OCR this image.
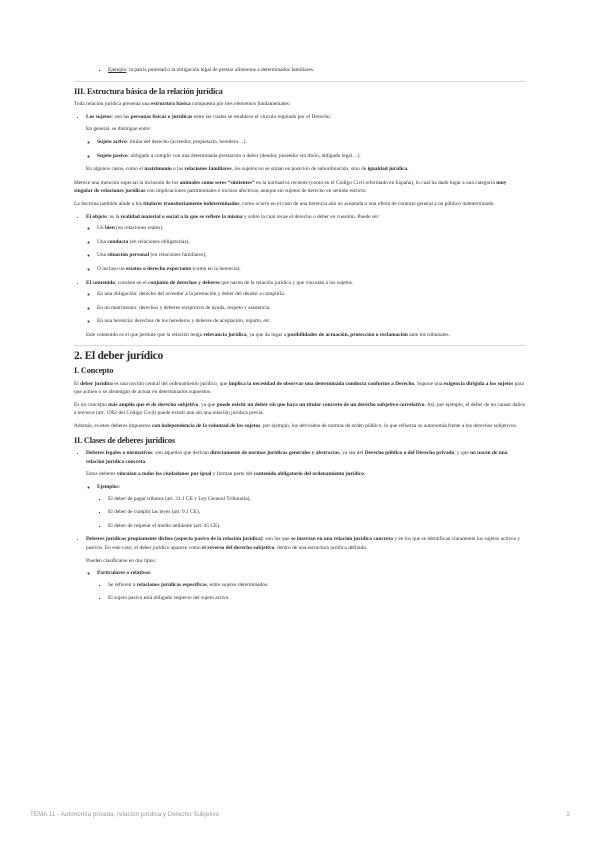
▪ Ejemplo: la patria potestad o la obligación legal de prestar alimentos a determinados familiares.
III. Estructura básica de la relación jurídica

Toda relación jurídica presenta una estructura básica compuesta por tres elementos fundamentales:

• Los sujetos: son las personas físicas o jurídicas entre las cuales se establece el vínculo regulado por el Derecho.

En general, se distingue entre:

◦ Sujeto activo: titular del derecho (acreedor, propietario, heredero…).
◦ Sujeto pasivo: obligado a cumplir con una determinada prestación o deber (deudor, poseedor sin título, obligado legal…).

En algunos casos, como el matrimonio o las relaciones familiares, los sujetos no se sitúan en posición de subordinación, sino de igualdad jurídica.

Merece una mención especial la inclusión de los animales como seres “sintientes” en la normativa reciente (como en el Código Civil reformado en España), lo cual ha dado lugar a una categoría muy singular de relaciones jurídicas con implicaciones patrimoniales e incluso afectivas, aunque sin sujetos de derecho en sentido estricto.

La doctrina también alude a los titulares transitoriamente indeterminados, como ocurre en el caso de una herencia aún no aceptada o una oferta de contrato general a un público indeterminado.

• El objeto: es la realidad material o social a la que se refiere la misma y sobre la cual recae el derecho o deber en cuestión. Puede ser:
◦ Un bien (en relaciones reales),
◦ Una conducta (en relaciones obligatorias),
◦ Una situación personal (en relaciones familiares),
◦ O incluso un estatus o derecho expectante (como en la herencia).
• El contenido: consiste en el conjunto de derechos y deberes que nacen de la relación jurídica y que vinculan a los sujetos.
◦ En una obligación: derecho del acreedor a la prestación y deber del deudor a cumplirla.
◦ En un matrimonio: derechos y deberes recíprocos de ayuda, respeto y asistencia.
◦ En una herencia: derechos de los herederos y deberes de aceptación, reparto, etc.

Este contenido es el que permite que la relación tenga relevancia jurídica, ya que da lugar a posibilidades de actuación, protección o reclamación ante los tribunales.

2. El deber jurídico
I. Concepto

El deber jurídico es una noción central del ordenamiento jurídico, que implica la necesidad de observar una determinada conducta conforme a Derecho. Supone una exigencia dirigida a los sujetos para que actúen o se abstengan de actuar en determinados supuestos.

Es un concepto más amplio que el de derecho subjetivo, ya que puede existir un deber sin que haya un titular concreto de un derecho subjetivo correlativo. Así, por ejemplo, el deber de no causar daños a terceros (art. 1902 del Código Civil) puede existir aun sin una relación jurídica previa.

Además, existen deberes impuestos con independencia de la voluntad de los sujetos, por ejemplo, los derivados de normas de orden público, lo que refuerza su autonomía frente a los derechos subjetivos.

II. Clases de deberes jurídicos
• Deberes legales o normativos: son aquellos que derivan directamente de normas jurídicas generales y abstractas, ya sea del Derecho público o del Derecho privado, y que no nacen de una relación jurídica concreta.

Estos deberes vinculan a todos los ciudadanos por igual y forman parte del contenido obligatorio del ordenamiento jurídico.

◦ Ejemplos:
▪ El deber de pagar tributos (art. 31.1 CE y Ley General Tributaria),
▪ El deber de cumplir las leyes (art. 9.1 CE),
▪ El deber de respetar el medio ambiente (art. 45 CE).
• Deberes jurídicos propiamente dichos (aspecto pasivo de la relación jurídica): son los que se insertan en una relación jurídica concreta y en los que se identifican claramente los sujetos activos y pasivos. En este caso, el deber jurídico aparece como el reverso del derecho subjetivo, dentro de una estructura jurídica definida.

Pueden clasificarse en dos tipos:

◦ Particulares o relativos:
▪ Se refieren a relaciones jurídicas específicas, entre sujetos determinados.
▪ El sujeto pasivo está obligado respecto del sujeto activo.
TEMA 11 - Autonomía privada, relación jurídica y Derecho Subjetivo	2
